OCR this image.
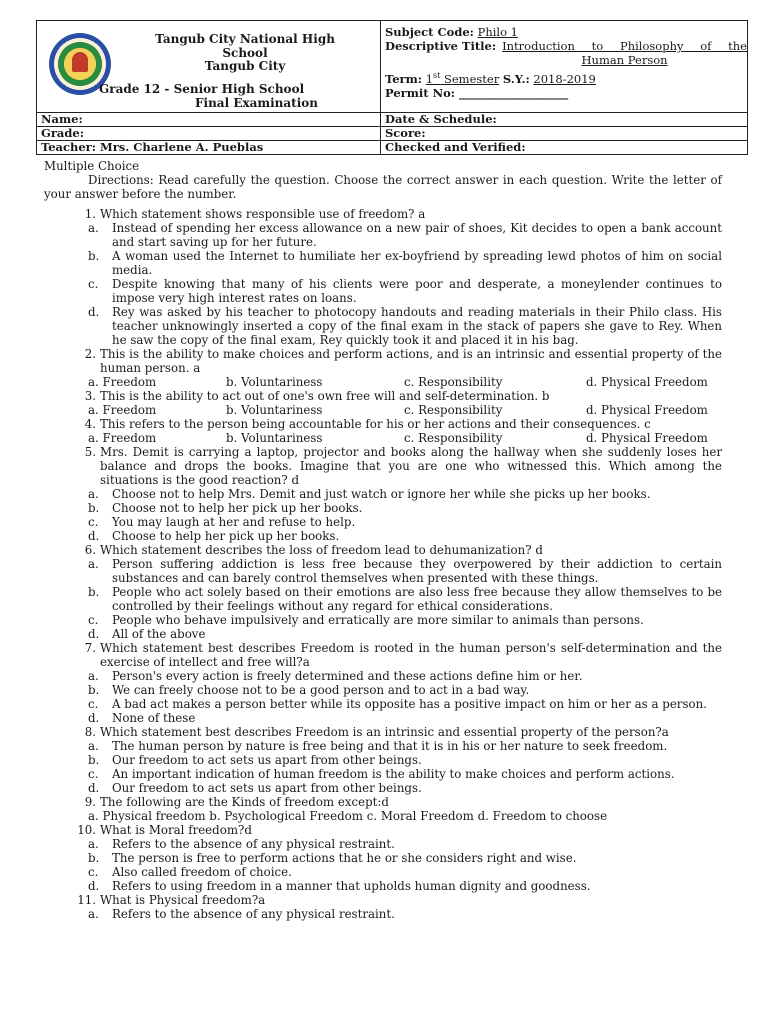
Tangub City National High School
Tangub City
Grade 12 - Senior High School
Final Examination
Subject Code: Philo 1
Descriptive Title: Introduction to Philosophy of the
Human Person
Term: 1st Semester S.Y.: 2018-2019
Permit No: ___________________
Name:	Date & Schedule:
Grade:	Score:
Teacher: Mrs. Charlene A. Pueblas	Checked and Verified:

Multiple Choice

Directions: Read carefully the question. Choose the correct answer in each question. Write the letter of your answer before the number.

1. Which statement shows responsible use of freedom? a
a.	Instead of spending her excess allowance on a new pair of shoes, Kit decides to open a bank account and start saving up for her future.
b.	A woman used the Internet to humiliate her ex-boyfriend by spreading lewd photos of him on social media.
c.	Despite knowing that many of his clients were poor and desperate, a moneylender continues to impose very high interest rates on loans.
d.	Rey was asked by his teacher to photocopy handouts and reading materials in their Philo class. His teacher unknowingly inserted a copy of the final exam in the stack of papers she gave to Rey. When he saw the copy of the final exam, Rey quickly took it and placed it in his bag.
2. This is the ability to make choices and perform actions, and is an intrinsic and essential property of the human person. a
a. Freedom	b. Voluntariness	c. Responsibility	d. Physical Freedom
3. This is the ability to act out of one's own free will and self-determination. b
a. Freedom	b. Voluntariness	c. Responsibility	d. Physical Freedom
4. This refers to the person being accountable for his or her actions and their consequences. c
a. Freedom	b. Voluntariness	c. Responsibility	d. Physical Freedom
5. Mrs. Demit is carrying a laptop, projector and books along the hallway when she suddenly loses her balance and drops the books. Imagine that you are one who witnessed this. Which among the situations is the good reaction? d
a.	Choose not to help Mrs. Demit and just watch or ignore her while she picks up her books.
b.	Choose not to help her pick up her books.
c.	You may laugh at her and refuse to help.
d.	Choose to help her pick up her books.
6. Which statement describes the loss of freedom lead to dehumanization? d
a.	Person suffering addiction is less free because they overpowered by their addiction to certain substances and can barely control themselves when presented with these things.
b.	People who act solely based on their emotions are also less free because they allow themselves to be controlled by their feelings without any regard for ethical considerations.
c.	People who behave impulsively and erratically are more similar to animals than persons.
d.	All of the above
7. Which statement best describes Freedom is rooted in the human person's self-determination and the exercise of intellect and free will?a
a.	Person's every action is freely determined and these actions define him or her.
b.	We can freely choose not to be a good person and to act in a bad way.
c.	A bad act makes a person better while its opposite has a positive impact on him or her as a person.
d.	None of these
8. Which statement best describes Freedom is an intrinsic and essential property of the person?a
a.	The human person by nature is free being and that it is in his or her nature to seek freedom.
b.	Our freedom to act sets us apart from other beings.
c.	An important indication of human freedom is the ability to make choices and perform actions.
d.	Our freedom to act sets us apart from other beings.
9. The following are the Kinds of freedom except:d
a. Physical freedom b. Psychological Freedom c. Moral Freedom d. Freedom to choose
10. What is Moral freedom?d
a.	Refers to the absence of any physical restraint.
b.	The person is free to perform actions that he or she considers right and wise.
c.	Also called freedom of choice.
d.	Refers to using freedom in a manner that upholds human dignity and goodness.
11. What is Physical freedom?a
a.	Refers to the absence of any physical restraint.
